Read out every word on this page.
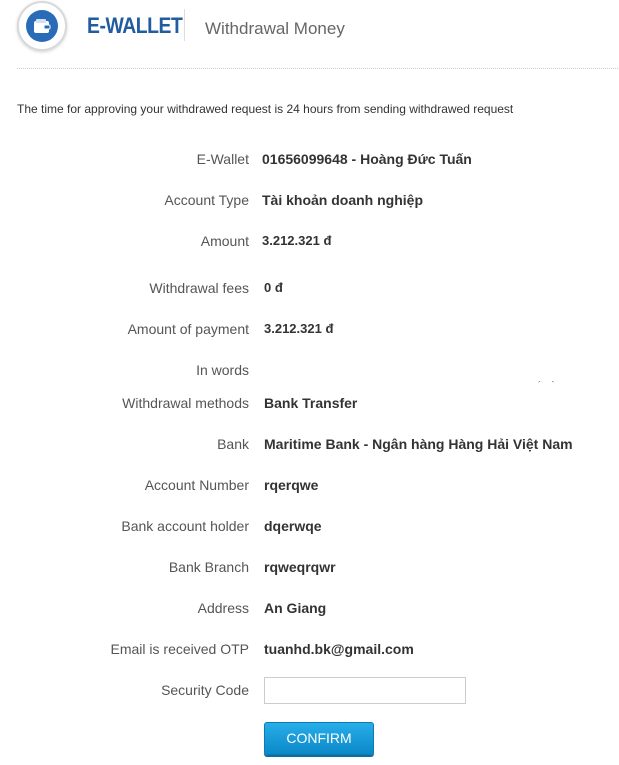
E-WALLET Withdrawal Money
The time for approving your withdrawed request is 24 hours from sending withdrawed request
E-Wallet 01656099648 - Hoàng Đức Tuấn
Account Type Tài khoản doanh nghiệp
Amount 3.212.321 đ
Withdrawal fees 0 đ
Amount of payment 3.212.321 đ
In words
´ `
Withdrawal methods Bank Transfer
Bank Maritime Bank - Ngân hàng Hàng Hải Việt Nam
Account Number rqerqwe
Bank account holder dqerwqe
Bank Branch rqweqrqwr
Address An Giang
Email is received OTP tuanhd.bk@gmail.com
Security Code
CONFIRM
